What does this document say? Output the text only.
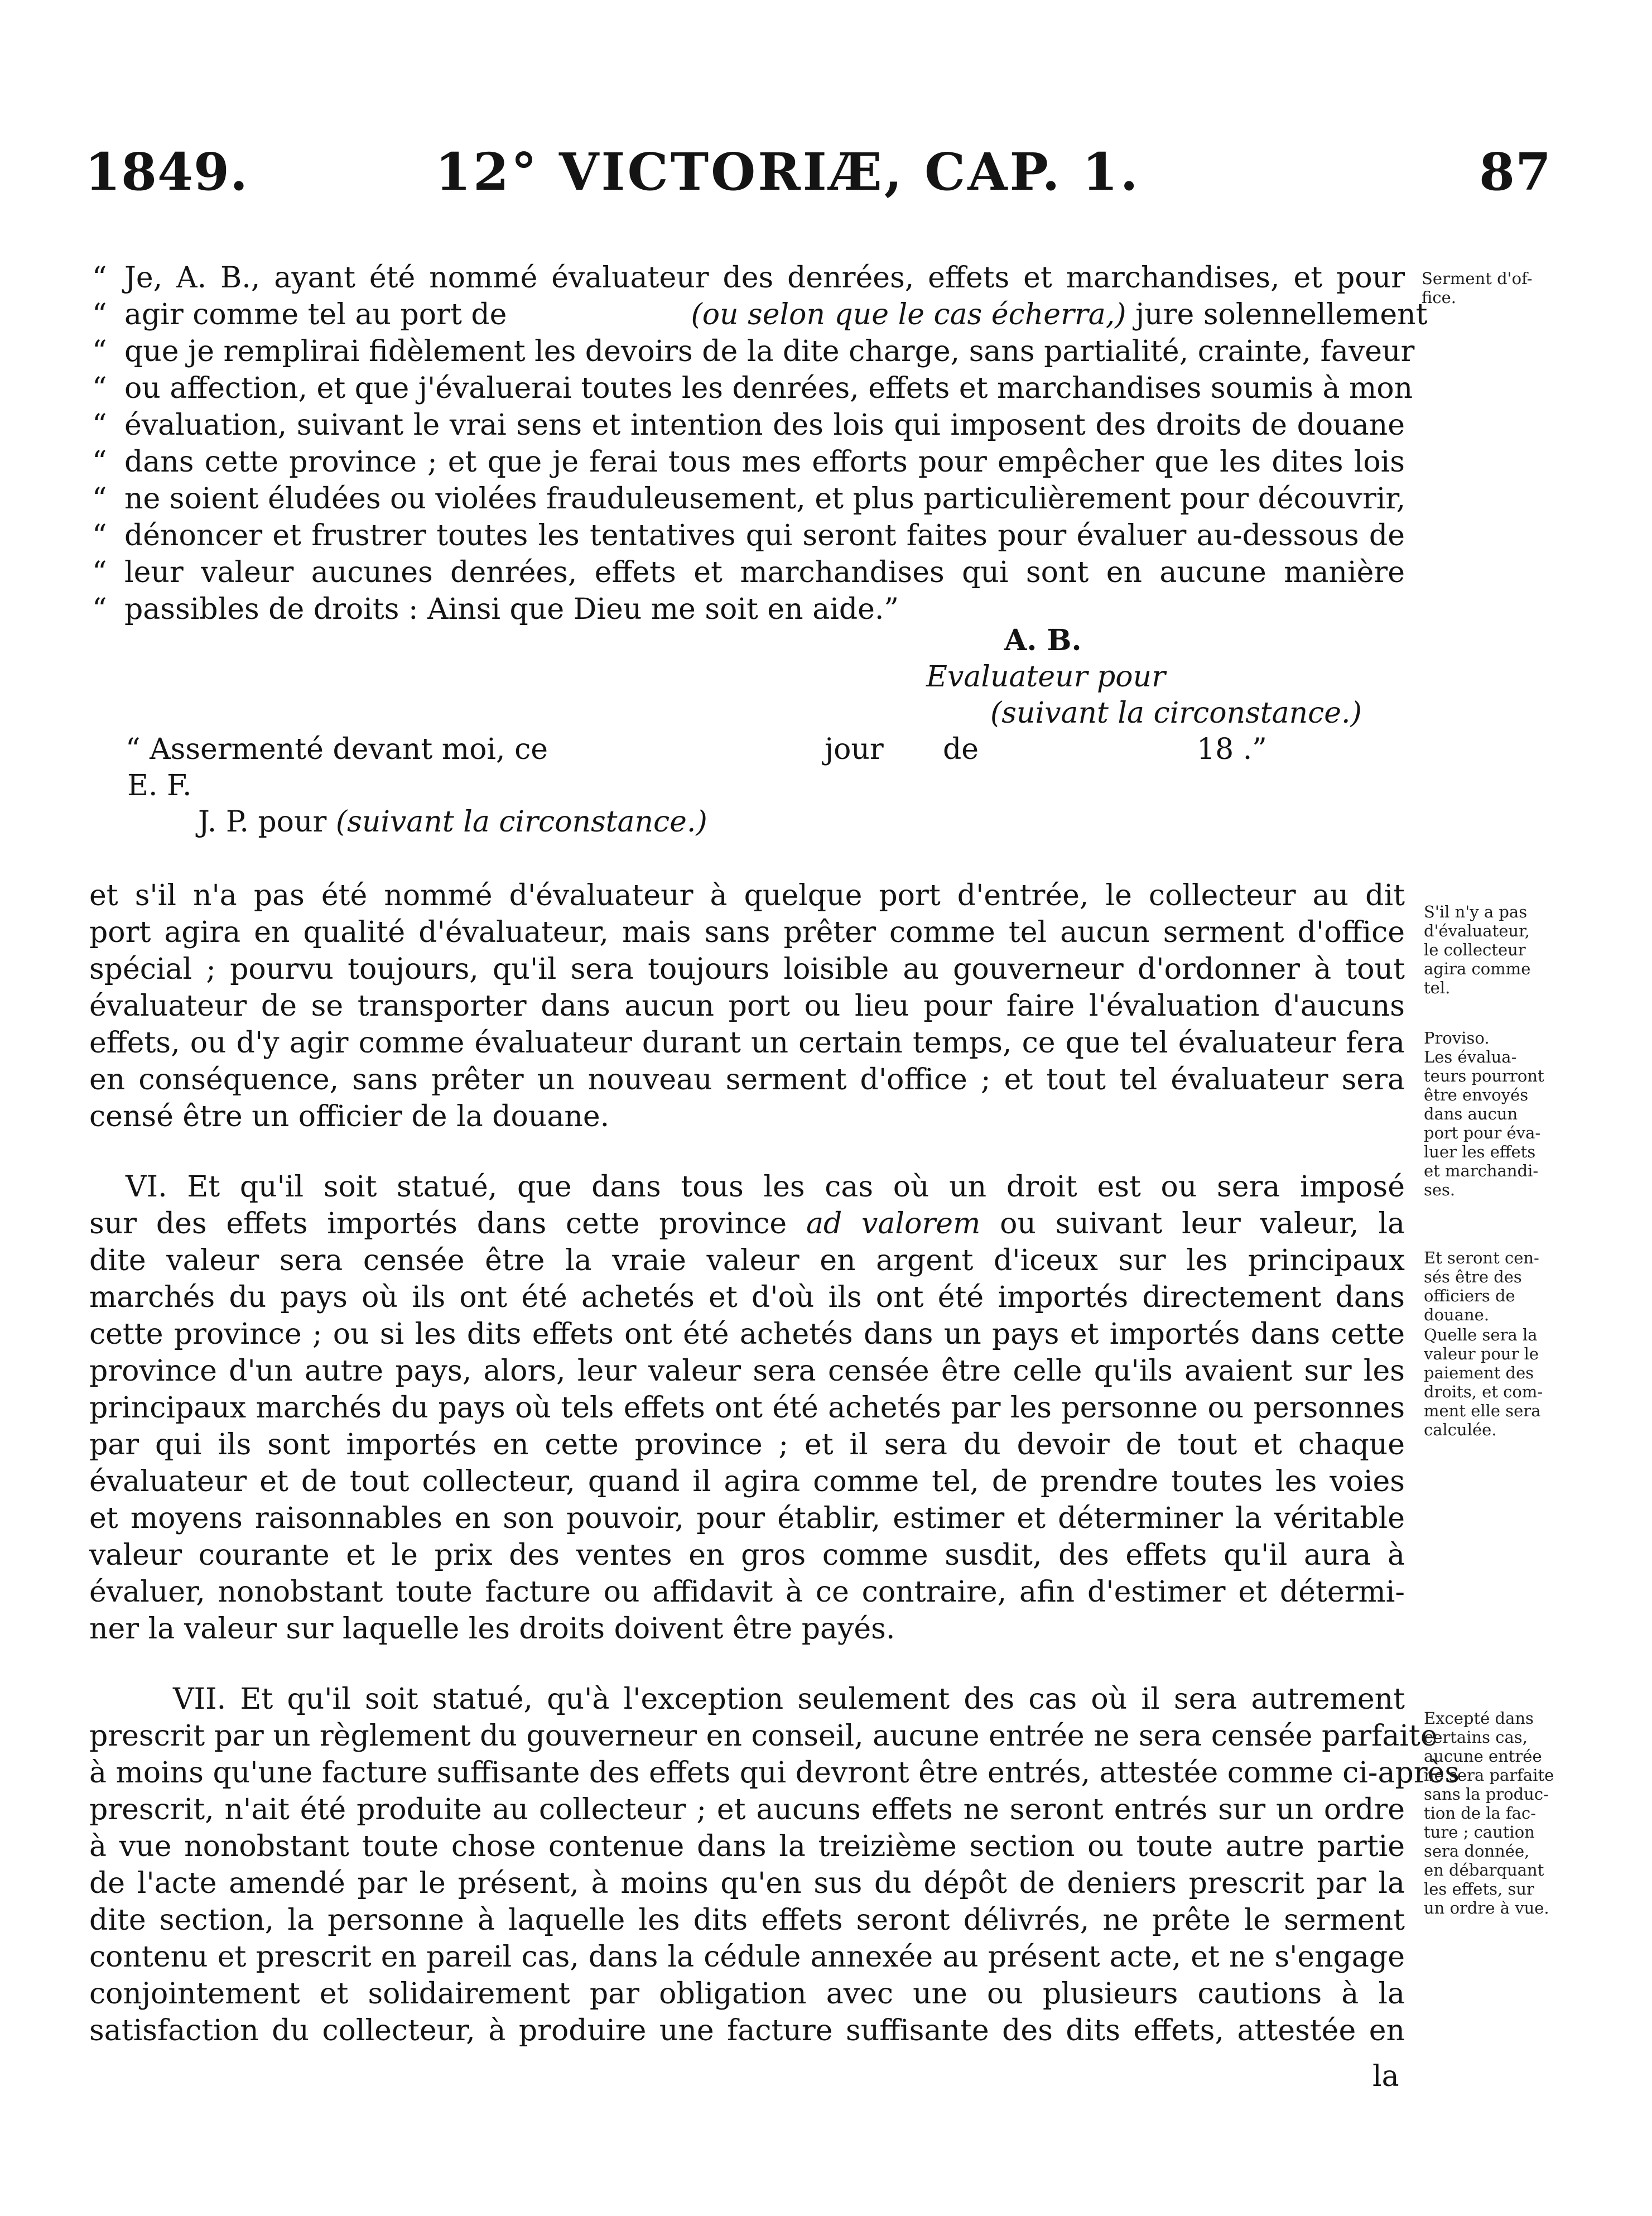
1849.	12° VICTORIÆ, CAP. 1.	87
“ Je, A. B., ayant été nommé évaluateur des denrées, effets et marchandises, et pour
“ agir comme tel au port de	(ou selon que le cas écherra,) jure solennellement
“ que je remplirai fidèlement les devoirs de la dite charge, sans partialité, crainte, faveur
“ ou affection, et que j'évaluerai toutes les denrées, effets et marchandises soumis à mon
“ évaluation, suivant le vrai sens et intention des lois qui imposent des droits de douane
“ dans cette province ; et que je ferai tous mes efforts pour empêcher que les dites lois
“ ne soient éludées ou violées frauduleusement, et plus particulièrement pour découvrir,
“ dénoncer et frustrer toutes les tentatives qui seront faites pour évaluer au-dessous de
“ leur valeur aucunes denrées, effets et marchandises qui sont en aucune manière
“ passibles de droits : Ainsi que Dieu me soit en aide.”
A. B.
Evaluateur pour
(suivant la circonstance.)
“ Assermenté devant moi, ce	jour de	18 .”
E. F.
J. P. pour (suivant la circonstance.)
et s'il n'a pas été nommé d'évaluateur à quelque port d'entrée, le collecteur au dit
port agira en qualité d'évaluateur, mais sans prêter comme tel aucun serment d'office
spécial ; pourvu toujours, qu'il sera toujours loisible au gouverneur d'ordonner à tout
évaluateur de se transporter dans aucun port ou lieu pour faire l'évaluation d'aucuns
effets, ou d'y agir comme évaluateur durant un certain temps, ce que tel évaluateur fera
en conséquence, sans prêter un nouveau serment d'office ; et tout tel évaluateur sera
censé être un officier de la douane.
VI. Et qu'il soit statué, que dans tous les cas où un droit est ou sera imposé
sur des effets importés dans cette province ad valorem ou suivant leur valeur, la
dite valeur sera censée être la vraie valeur en argent d'iceux sur les principaux
marchés du pays où ils ont été achetés et d'où ils ont été importés directement dans
cette province ; ou si les dits effets ont été achetés dans un pays et importés dans cette
province d'un autre pays, alors, leur valeur sera censée être celle qu'ils avaient sur les
principaux marchés du pays où tels effets ont été achetés par les personne ou personnes
par qui ils sont importés en cette province ; et il sera du devoir de tout et chaque
évaluateur et de tout collecteur, quand il agira comme tel, de prendre toutes les voies
et moyens raisonnables en son pouvoir, pour établir, estimer et déterminer la véritable
valeur courante et le prix des ventes en gros comme susdit, des effets qu'il aura à
évaluer, nonobstant toute facture ou affidavit à ce contraire, afin d'estimer et détermi-
ner la valeur sur laquelle les droits doivent être payés.
VII. Et qu'il soit statué, qu'à l'exception seulement des cas où il sera autrement
prescrit par un règlement du gouverneur en conseil, aucune entrée ne sera censée parfaite
à moins qu'une facture suffisante des effets qui devront être entrés, attestée comme ci-après
prescrit, n'ait été produite au collecteur ; et aucuns effets ne seront entrés sur un ordre
à vue nonobstant toute chose contenue dans la treizième section ou toute autre partie
de l'acte amendé par le présent, à moins qu'en sus du dépôt de deniers prescrit par la
dite section, la personne à laquelle les dits effets seront délivrés, ne prête le serment
contenu et prescrit en pareil cas, dans la cédule annexée au présent acte, et ne s'engage
conjointement et solidairement par obligation avec une ou plusieurs cautions à la
satisfaction du collecteur, à produire une facture suffisante des dits effets, attestée en
la
Serment d'of-
fice.
S'il n'y a pas
d'évaluateur,
le collecteur
agira comme
tel.
Proviso.
Les évalua-
teurs pourront
être envoyés
dans aucun
port pour éva-
luer les effets
et marchandi-
ses.
Et seront cen-
sés être des
officiers de
douane.
Quelle sera la
valeur pour le
paiement des
droits, et com-
ment elle sera
calculée.
Excepté dans
certains cas,
aucune entrée
ne sera parfaite
sans la produc-
tion de la fac-
ture ; caution
sera donnée,
en débarquant
les effets, sur
un ordre à vue.
